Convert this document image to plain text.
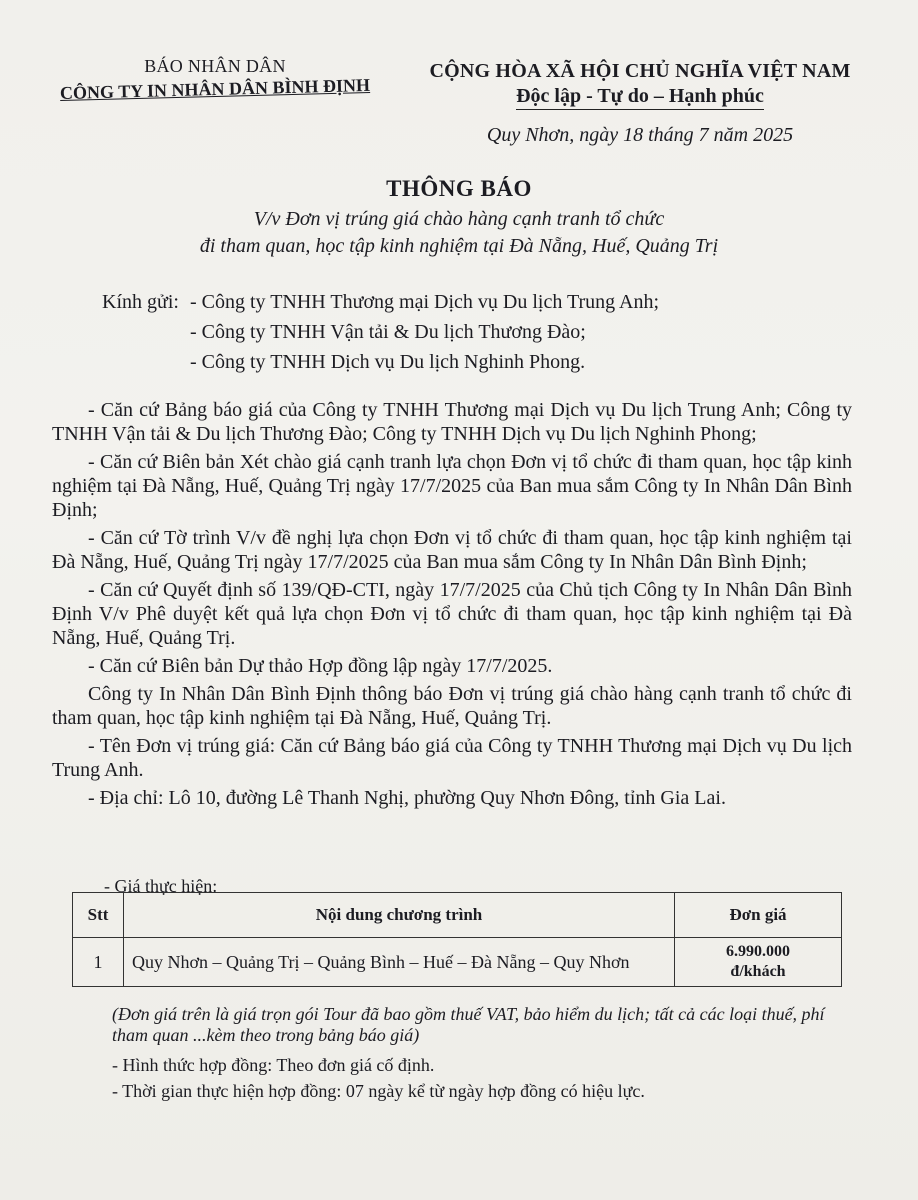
BÁO NHÂN DÂN
CÔNG TY IN NHÂN DÂN BÌNH ĐỊNH
CỘNG HÒA XÃ HỘI CHỦ NGHĨA VIỆT NAM
Độc lập - Tự do – Hạnh phúc
Quy Nhơn, ngày 18 tháng 7 năm 2025
THÔNG BÁO
V/v Đơn vị trúng giá chào hàng cạnh tranh tổ chức
đi tham quan, học tập kinh nghiệm tại Đà Nẵng, Huế, Quảng Trị
Kính gửi: - Công ty TNHH Thương mại Dịch vụ Du lịch Trung Anh;
- Công ty TNHH Vận tải & Du lịch Thương Đào;
- Công ty TNHH Dịch vụ Du lịch Nghinh Phong.

- Căn cứ Bảng báo giá của Công ty TNHH Thương mại Dịch vụ Du lịch Trung Anh; Công ty TNHH Vận tải & Du lịch Thương Đào; Công ty TNHH Dịch vụ Du lịch Nghinh Phong;

- Căn cứ Biên bản Xét chào giá cạnh tranh lựa chọn Đơn vị tổ chức đi tham quan, học tập kinh nghiệm tại Đà Nẵng, Huế, Quảng Trị ngày 17/7/2025 của Ban mua sắm Công ty In Nhân Dân Bình Định;

- Căn cứ Tờ trình V/v đề nghị lựa chọn Đơn vị tổ chức đi tham quan, học tập kinh nghiệm tại Đà Nẵng, Huế, Quảng Trị ngày 17/7/2025 của Ban mua sắm Công ty In Nhân Dân Bình Định;

- Căn cứ Quyết định số 139/QĐ-CTI, ngày 17/7/2025 của Chủ tịch Công ty In Nhân Dân Bình Định V/v Phê duyệt kết quả lựa chọn Đơn vị tổ chức đi tham quan, học tập kinh nghiệm tại Đà Nẵng, Huế, Quảng Trị.

- Căn cứ Biên bản Dự thảo Hợp đồng lập ngày 17/7/2025.

Công ty In Nhân Dân Bình Định thông báo Đơn vị trúng giá chào hàng cạnh tranh tổ chức đi tham quan, học tập kinh nghiệm tại Đà Nẵng, Huế, Quảng Trị.

- Tên Đơn vị trúng giá: Căn cứ Bảng báo giá của Công ty TNHH Thương mại Dịch vụ Du lịch Trung Anh.

- Địa chỉ: Lô 10, đường Lê Thanh Nghị, phường Quy Nhơn Đông, tỉnh Gia Lai.

- Giá thực hiện:
Stt	Nội dung chương trình	Đơn giá
1	Quy Nhơn – Quảng Trị – Quảng Bình – Huế – Đà Nẵng – Quy Nhơn	6.990.000
đ/khách
(Đơn giá trên là giá trọn gói Tour đã bao gồm thuế VAT, bảo hiểm du lịch; tất cả các loại thuế, phí tham quan ...kèm theo trong bảng báo giá)
- Hình thức hợp đồng: Theo đơn giá cố định.
- Thời gian thực hiện hợp đồng: 07 ngày kể từ ngày hợp đồng có hiệu lực.
